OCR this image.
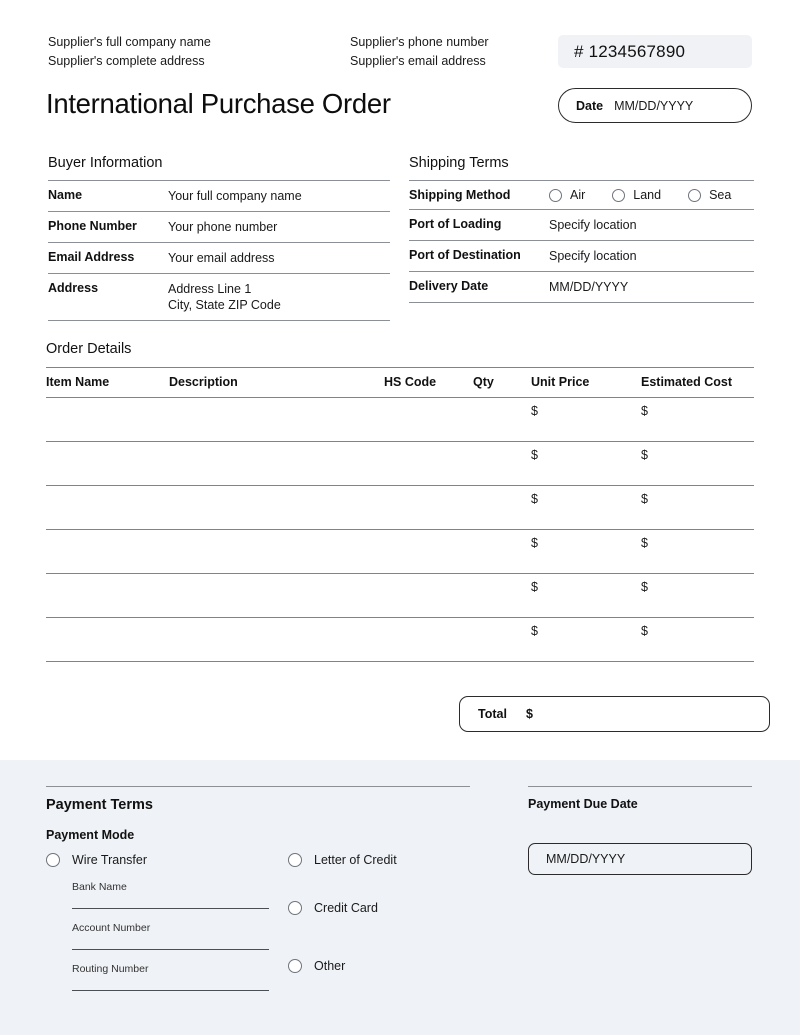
Supplier's full company name
Supplier's complete address
Supplier's phone number
Supplier's email address
# 1234567890
International Purchase Order	Date MM/DD/YYYY
Buyer Information
Name	Your full company name
Phone Number	Your phone number
Email Address	Your email address
Address	Address Line 1
City, State ZIP Code
Shipping Terms
Shipping Method	Air Land Sea

Port of Loading	Specify location
Port of Destination	Specify location
Delivery Date	MM/DD/YYYY
Order Details
Item Name	Description	HS Code	Qty	Unit Price	Estimated Cost
				$	$
				$	$
				$	$
				$	$
				$	$
				$	$
Total $
Payment Terms
Payment Mode
Wire Transfer
Bank Name
Account Number
Routing Number
Letter of Credit
Credit Card
Other
Payment Due Date
MM/DD/YYYY
